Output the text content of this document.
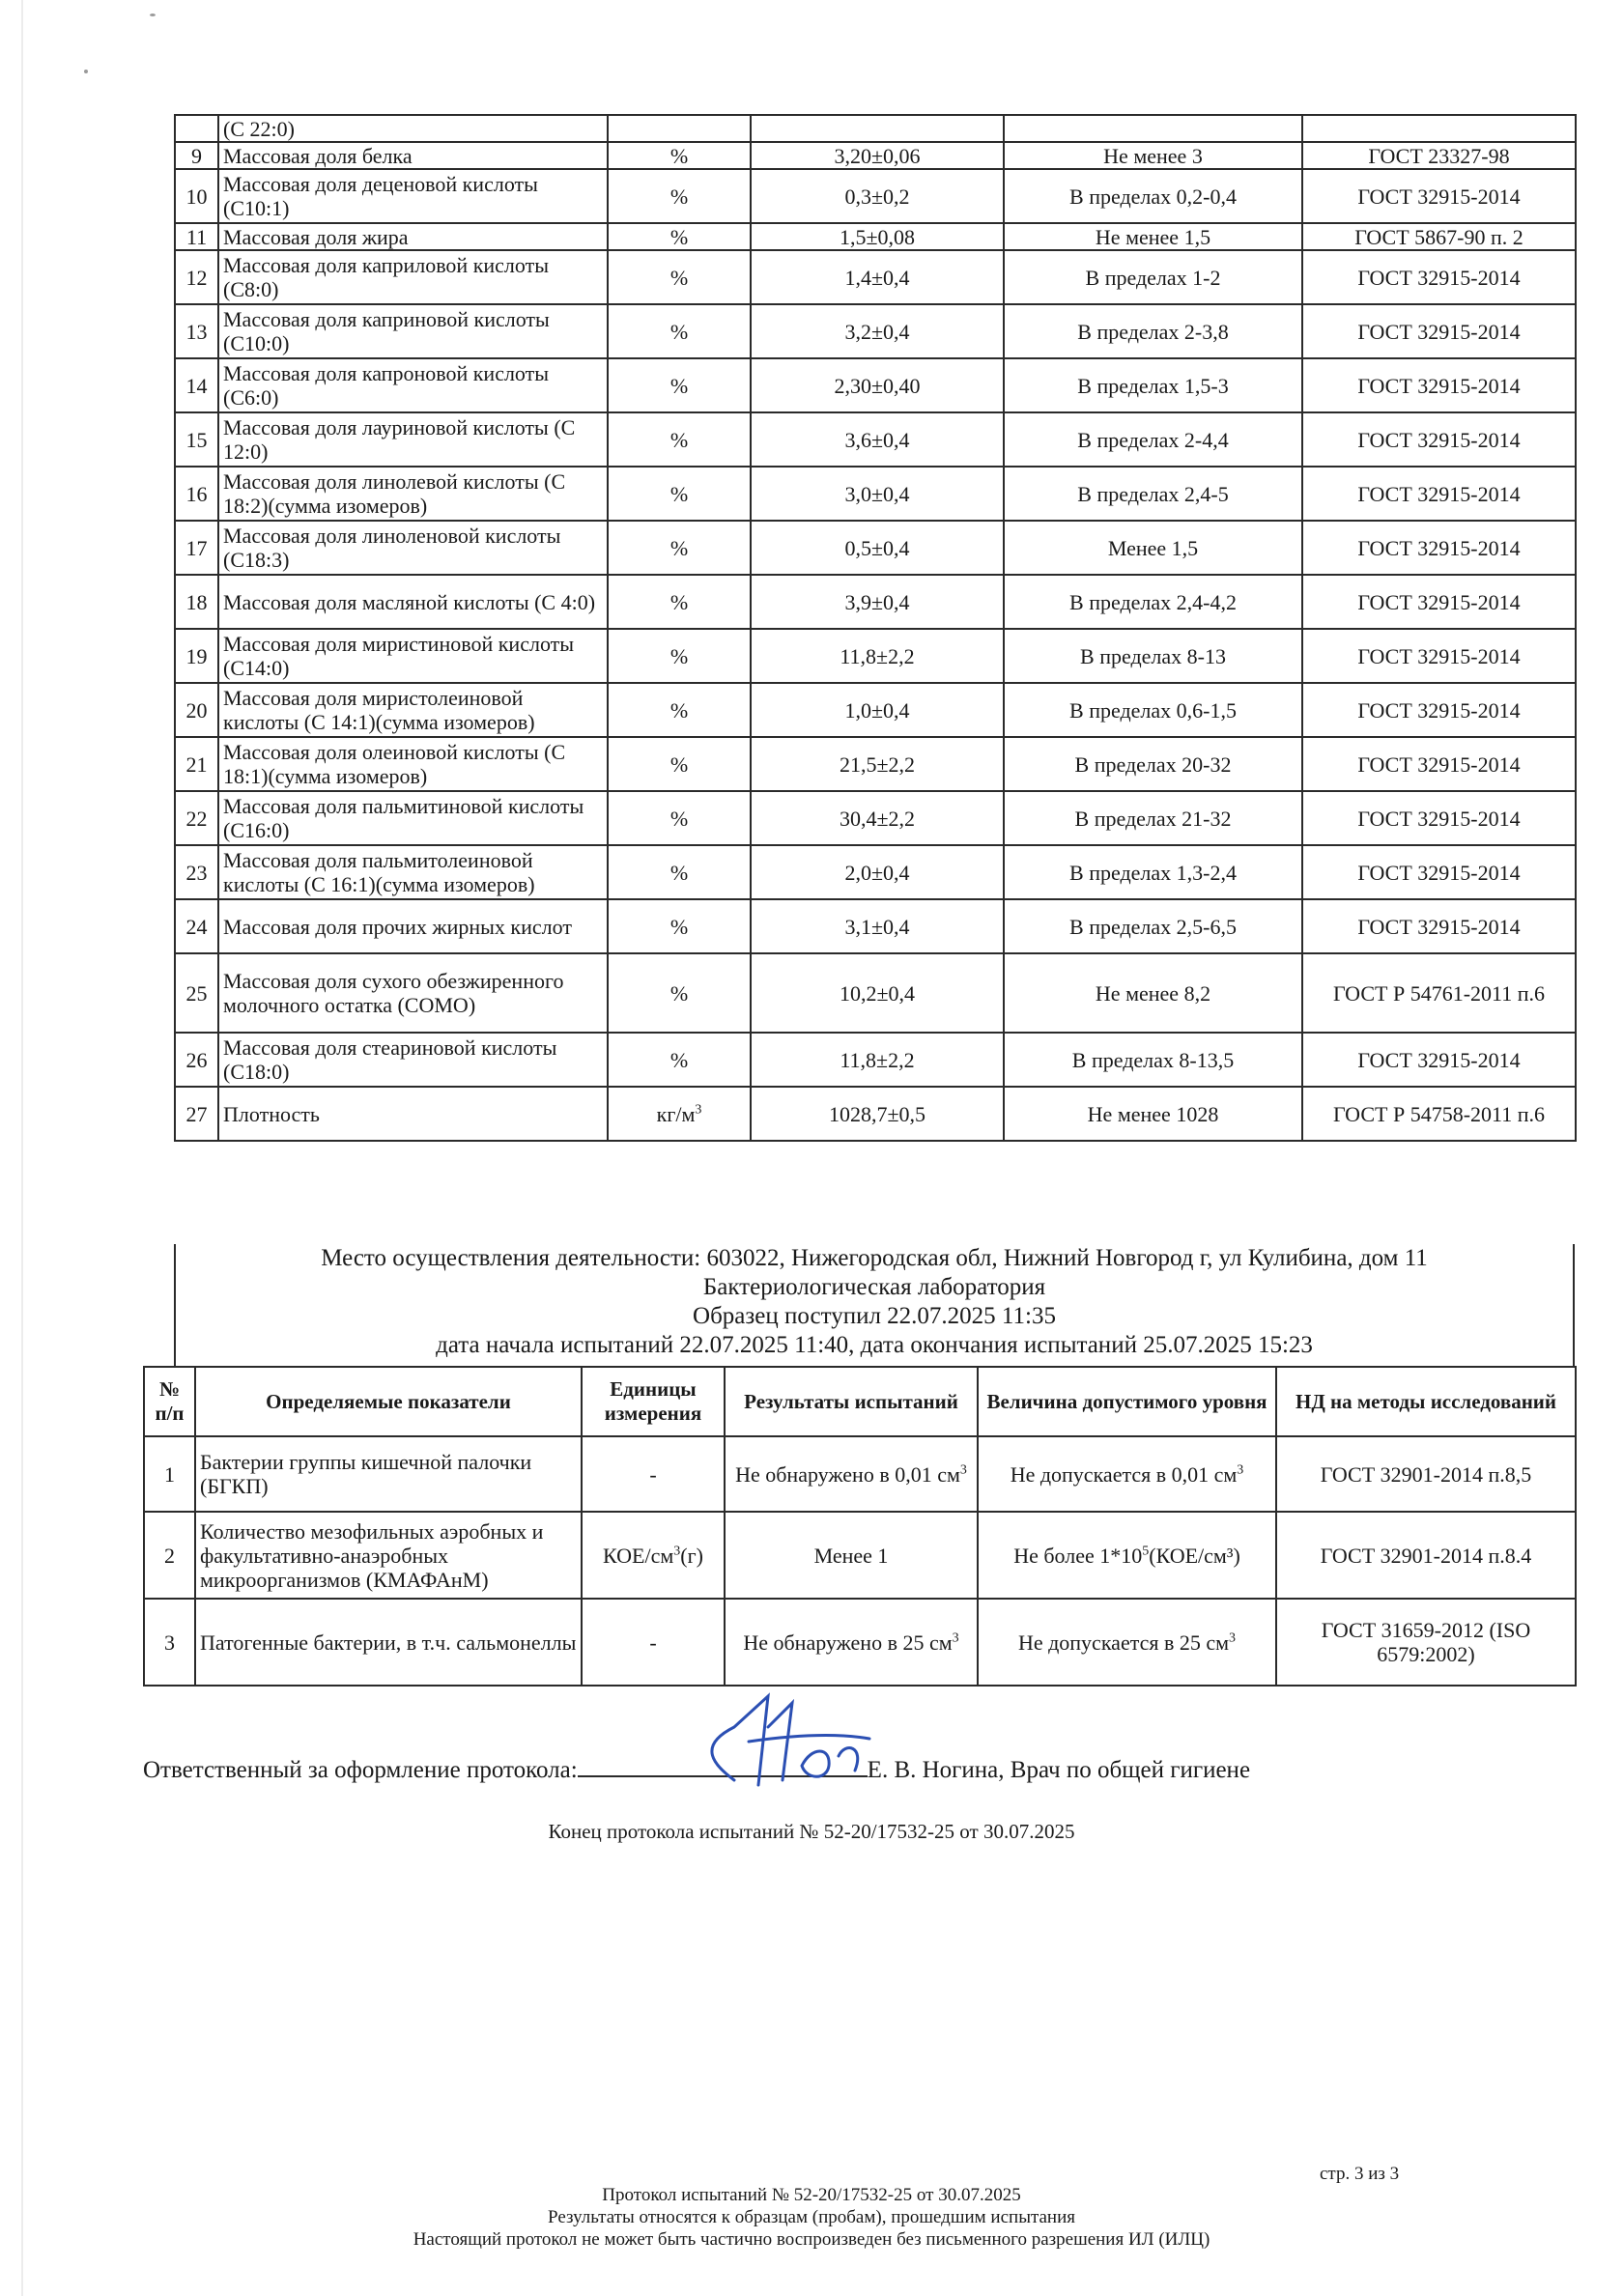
	(С 22:0)				
9	Массовая доля белка	%	3,20±0,06	Не менее 3	ГОСТ 23327-98
10	Массовая доля деценовой кислоты (С10:1)	%	0,3±0,2	В пределах 0,2-0,4	ГОСТ 32915-2014
11	Массовая доля жира	%	1,5±0,08	Не менее 1,5	ГОСТ 5867-90 п. 2
12	Массовая доля каприловой кислоты (С8:0)	%	1,4±0,4	В пределах 1-2	ГОСТ 32915-2014
13	Массовая доля каприновой кислоты (С10:0)	%	3,2±0,4	В пределах 2-3,8	ГОСТ 32915-2014
14	Массовая доля капроновой кислоты (С6:0)	%	2,30±0,40	В пределах 1,5-3	ГОСТ 32915-2014
15	Массовая доля лауриновой кислоты (С 12:0)	%	3,6±0,4	В пределах 2-4,4	ГОСТ 32915-2014
16	Массовая доля линолевой кислоты (С 18:2)(сумма изомеров)	%	3,0±0,4	В пределах 2,4-5	ГОСТ 32915-2014
17	Массовая доля линоленовой кислоты (С18:3)	%	0,5±0,4	Менее 1,5	ГОСТ 32915-2014
18	Массовая доля масляной кислоты (С 4:0)	%	3,9±0,4	В пределах 2,4-4,2	ГОСТ 32915-2014
19	Массовая доля миристиновой кислоты (С14:0)	%	11,8±2,2	В пределах 8-13	ГОСТ 32915-2014
20	Массовая доля миристолеиновой кислоты (С 14:1)(сумма изомеров)	%	1,0±0,4	В пределах 0,6-1,5	ГОСТ 32915-2014
21	Массовая доля олеиновой кислоты (С 18:1)(сумма изомеров)	%	21,5±2,2	В пределах 20-32	ГОСТ 32915-2014
22	Массовая доля пальмитиновой кислоты (С16:0)	%	30,4±2,2	В пределах 21-32	ГОСТ 32915-2014
23	Массовая доля пальмитолеиновой кислоты (С 16:1)(сумма изомеров)	%	2,0±0,4	В пределах 1,3-2,4	ГОСТ 32915-2014
24	Массовая доля прочих жирных кислот	%	3,1±0,4	В пределах 2,5-6,5	ГОСТ 32915-2014
25	Массовая доля сухого обезжиренного молочного остатка (СОМО)	%	10,2±0,4	Не менее 8,2	ГОСТ Р 54761-2011 п.6
26	Массовая доля стеариновой кислоты (С18:0)	%	11,8±2,2	В пределах 8-13,5	ГОСТ 32915-2014
27	Плотность	$кг/м^3$	1028,7±0,5	Не менее 1028	ГОСТ Р 54758-2011 п.6
Место осуществления деятельности: 603022, Нижегородская обл, Нижний Новгород г, ул Кулибина, дом 11
Бактериологическая лаборатория
Образец поступил 22.07.2025 11:35
дата начала испытаний 22.07.2025 11:40, дата окончания испытаний 25.07.2025 15:23
№ п/п	Определяемые показатели	Единицы измерения	Результаты испытаний	Величина допустимого уровня	НД на методы исследований
1	Бактерии группы кишечной палочки (БГКП)	-	Не обнаружено в 0,01 $см^3$	Не допускается в 0,01 $см^3$	ГОСТ 32901-2014 п.8,5
2	Количество мезофильных аэробных и факультативно-анаэробных микроорганизмов (КМАФАнМ)	КОЕ/$см^3(г)$	Менее 1	Не более $1*10^5(КОЕ/см^3)$	ГОСТ 32901-2014 п.8.4
3	Патогенные бактерии, в т.ч. сальмонеллы	-	Не обнаружено в 25 $см^3$	Не допускается в 25 $см^3$	ГОСТ 31659-2012 (ISO 6579:2002)
Ответственный за оформление протокола:	Е. В. Ногина, Врач по общей гигиене
Конец протокола испытаний № 52-20/17532-25 от 30.07.2025
Протокол испытаний № 52-20/17532-25 от 30.07.2025
Результаты относятся к образцам (пробам), прошедшим испытания
Настоящий протокол не может быть частично воспроизведен без письменного разрешения ИЛ (ИЛЦ)
стр. 3 из 3
